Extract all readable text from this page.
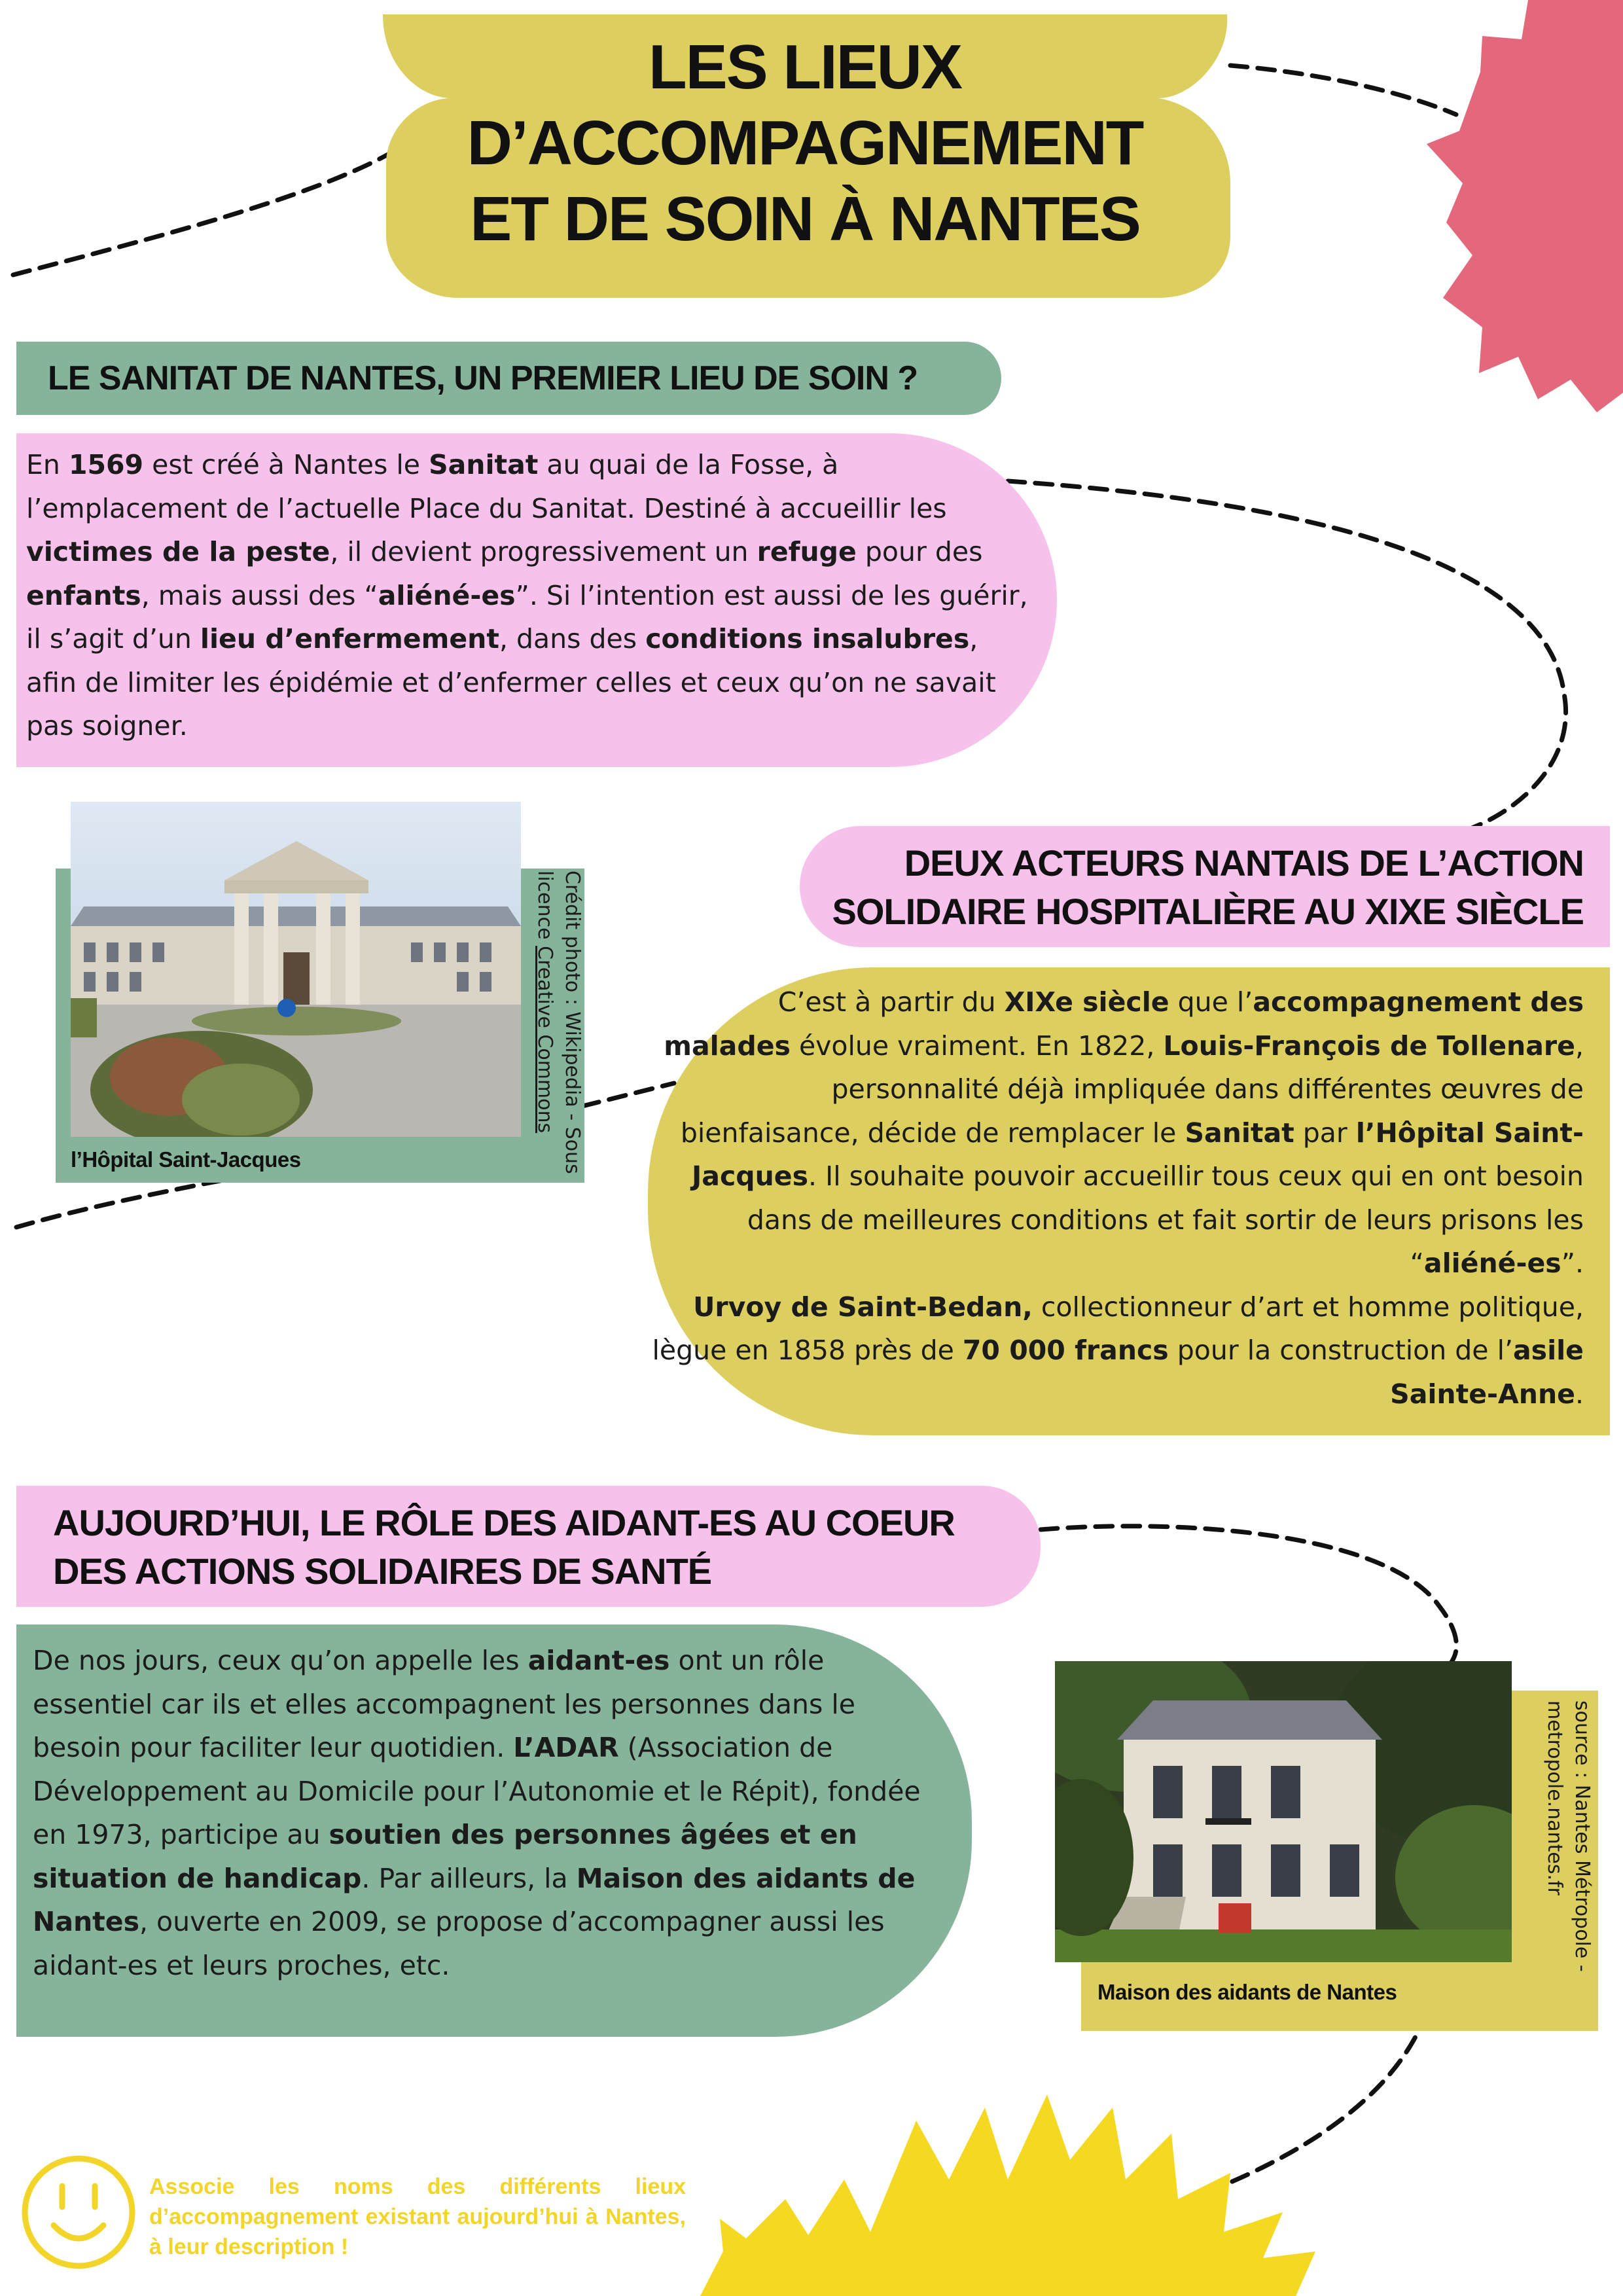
LES LIEUX
D’ACCOMPAGNEMENT
ET DE SOIN À NANTES
LE SANITAT DE NANTES, UN PREMIER LIEU DE SOIN ?
En 1569 est créé à Nantes le Sanitat au quai de la Fosse, à l’emplacement de l’actuelle Place du Sanitat. Destiné à accueillir les victimes de la peste, il devient progressivement un refuge pour des enfants, mais aussi des “aliéné-es”. Si l’intention est aussi de les guérir, il s’agit d’un lieu d’enfermement, dans des conditions insalubres, afin de limiter les épidémie et d’enfermer celles et ceux qu’on ne savait pas soigner.
l’Hôpital Saint-Jacques	Crédit photo : Wikipedia - Sous
licence Creative Commons
DEUX ACTEURS NANTAIS DE L’ACTION
SOLIDAIRE HOSPITALIÈRE AU XIXE SIÈCLE
C’est à partir du XIXe siècle que l’accompagnement des malades évolue vraiment. En 1822, Louis-François de Tollenare, personnalité déjà impliquée dans différentes œuvres de bienfaisance, décide de remplacer le Sanitat par l’Hôpital Saint-Jacques. Il souhaite pouvoir accueillir tous ceux qui en ont besoin dans de meilleures conditions et fait sortir de leurs prisons les “aliéné-es”.
Urvoy de Saint-Bedan, collectionneur d’art et homme politique, lègue en 1858 près de 70 000 francs pour la construction de l’asile Sainte-Anne.
AUJOURD’HUI, LE RÔLE DES AIDANT-ES AU COEUR
DES ACTIONS SOLIDAIRES DE SANTÉ
De nos jours, ceux qu’on appelle les aidant-es ont un rôle essentiel car ils et elles accompagnent les personnes dans le besoin pour faciliter leur quotidien. L’ADAR (Association de Développement au Domicile pour l’Autonomie et le Répit), fondée en 1973, participe au soutien des personnes âgées et en situation de handicap. Par ailleurs, la Maison des aidants de Nantes, ouverte en 2009, se propose d’accompagner aussi les aidant-es et leurs proches, etc.
Maison des aidants de Nantes
source : Nantes Métropole -
metropole.nantes.fr
Associe les noms des différents lieux d’accompagnement existant aujourd’hui à Nantes, à leur description !
